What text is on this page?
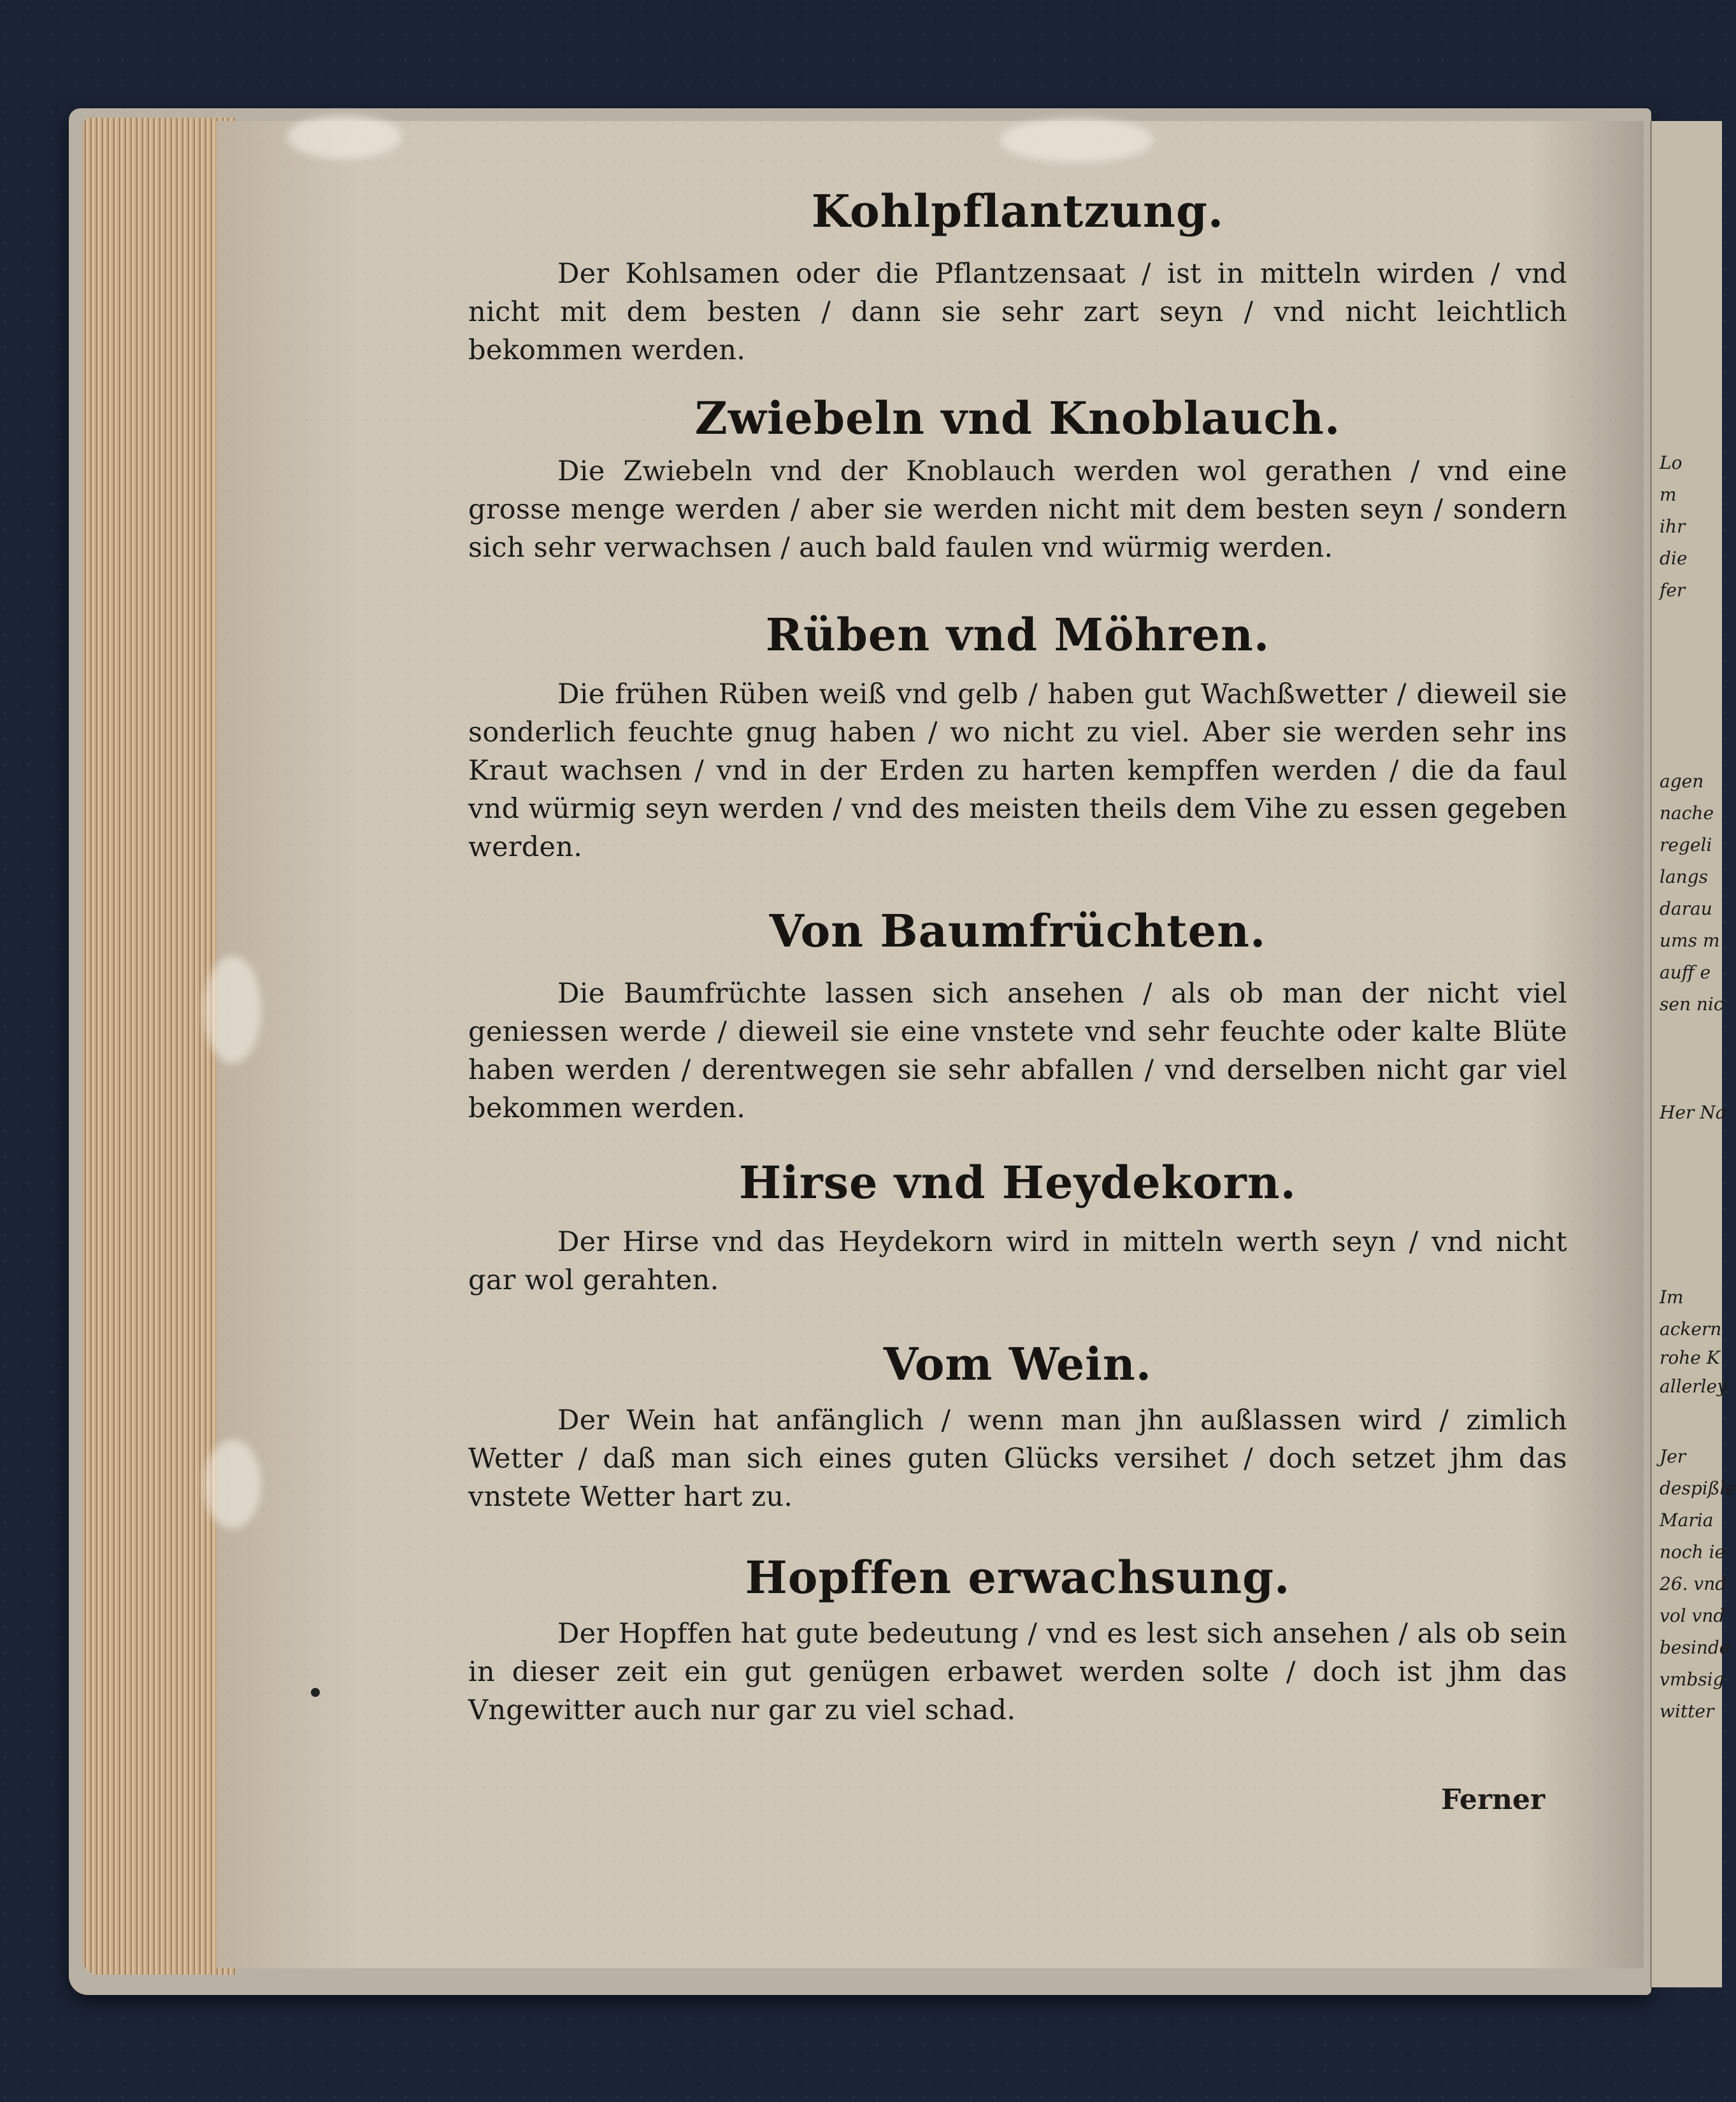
Kohlpflantzung.
Der Kohlsamen oder die Pflantzensaat / ist in mitteln wirden / vnd nicht mit dem besten / dann sie sehr zart seyn / vnd nicht leichtlich bekommen werden.
Zwiebeln vnd Knoblauch.
Die Zwiebeln vnd der Knoblauch werden wol gerathen / vnd eine grosse menge werden / aber sie werden nicht mit dem besten seyn / sondern sich sehr verwachsen / auch bald faulen vnd würmig werden.
Rüben vnd Möhren.
Die frühen Rüben weiß vnd gelb / haben gut Wachßwetter / dieweil sie sonderlich feuchte gnug haben / wo nicht zu viel. Aber sie werden sehr ins Kraut wachsen / vnd in der Erden zu harten kempffen werden / die da faul vnd würmig seyn werden / vnd des meisten theils dem Vihe zu essen gegeben werden.
Von Baumfrüchten.
Die Baumfrüchte lassen sich ansehen / als ob man der nicht viel geniessen werde / dieweil sie eine vnstete vnd sehr feuchte oder kalte Blüte haben werden / derentwegen sie sehr abfallen / vnd derselben nicht gar viel bekommen werden.
Hirse vnd Heydekorn.
Der Hirse vnd das Heydekorn wird in mitteln werth seyn / vnd nicht gar wol gerahten.
Vom Wein.
Der Wein hat anfänglich / wenn man jhn außlassen wird / zimlich Wetter / daß man sich eines guten Glücks versihet / doch setzet jhm das vnstete Wetter hart zu.
Hopffen erwachsung.
Der Hopffen hat gute bedeutung / vnd es lest sich ansehen / als ob sein in dieser zeit ein gut genügen erbawet werden solte / doch ist jhm das Vngewitter auch nur gar zu viel schad.
Ferner
Lo
m
ihr
die
fer
agen
nache
regeli
langs
darau
ums m
auff e
sen nic
Her Na
Im
ackern
rohe K
allerley
Jer
despißle
Maria
noch ie
26. vnd
vol vnd
besinde
vmbsig
witter
